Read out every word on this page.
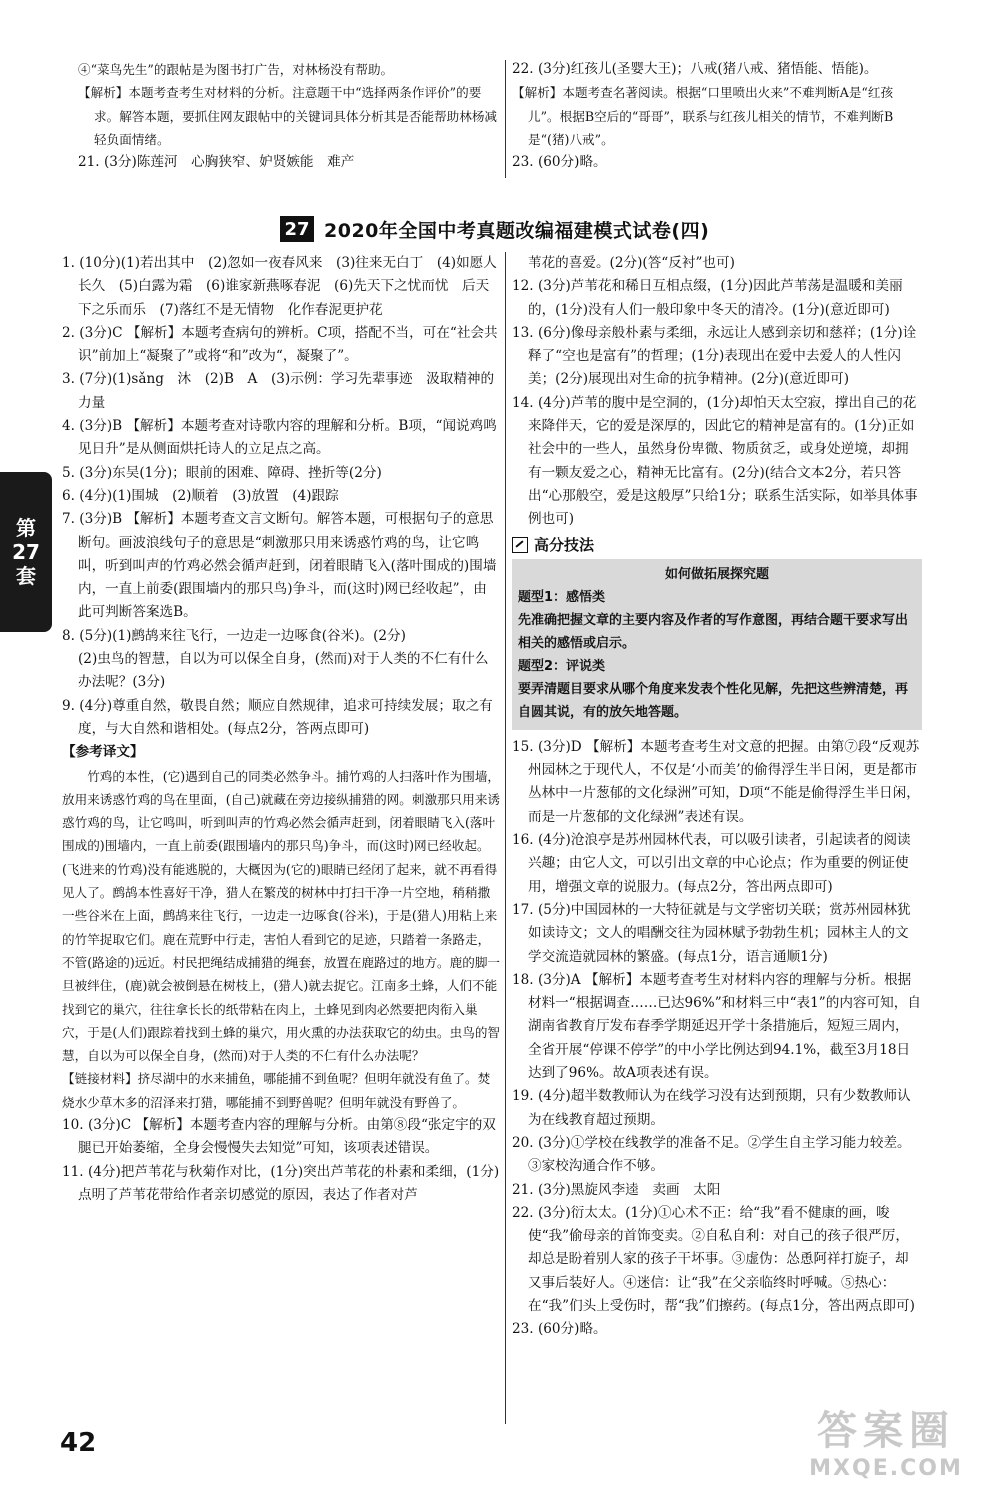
④“菜鸟先生”的跟帖是为图书打广告，对林杨没有帮助。

【解析】本题考查考生对材料的分析。注意题干中“选择两条作评价”的要求。解答本题，要抓住网友跟帖中的关键词具体分析其是否能帮助林杨减轻负面情绪。

21. (3分)陈莲河　心胸狭窄、妒贤嫉能　难产

22. (3分)红孩儿(圣婴大王)；八戒(猪八戒、猪悟能、悟能)。

【解析】本题考查名著阅读。根据“口里喷出火来”不难判断A是“红孩儿”。根据B空后的“哥哥”，联系与红孩儿相关的情节，不难判断B是“(猪)八戒”。

23. (60分)略。

27 2020年全国中考真题改编福建模式试卷(四)
第
27
套

1. (10分)(1)若出其中　(2)忽如一夜春风来　(3)往来无白丁　(4)如愿人长久　(5)白露为霜　(6)谁家新燕啄春泥　(6)先天下之忧而忧　后天下之乐而乐　(7)落红不是无情物　化作春泥更护花

2. (3分)C 【解析】本题考查病句的辨析。C项，搭配不当，可在“社会共识”前加上“凝聚了”或将“和”改为“，凝聚了”。

3. (7分)(1)sǎng　沐　(2)B　A　(3)示例：学习先辈事迹　汲取精神的力量

4. (3分)B 【解析】本题考查对诗歌内容的理解和分析。B项，“闻说鸡鸣见日升”是从侧面烘托诗人的立足点之高。

5. (3分)东吴(1分)；眼前的困难、障碍、挫折等(2分)

6. (4分)(1)围城　(2)顺着　(3)放置　(4)跟踪

7. (3分)B 【解析】本题考查文言文断句。解答本题，可根据句子的意思断句。画波浪线句子的意思是“刺激那只用来诱惑竹鸡的鸟，让它鸣叫，听到叫声的竹鸡必然会循声赶到，闭着眼睛飞入(落叶围成的)围墙内，一直上前委(跟围墙内的那只鸟)争斗，而(这时)网已经收起”，由此可判断答案选B。

8. (5分)(1)鹧鸪来往飞行，一边走一边啄食(谷米)。(2分)

(2)虫鸟的智慧，自以为可以保全自身，(然而)对于人类的不仁有什么办法呢？(3分)

9. (4分)尊重自然，敬畏自然；顺应自然规律，追求可持续发展；取之有度，与大自然和谐相处。(每点2分，答两点即可)

【参考译文】

竹鸡的本性，(它)遇到自己的同类必然争斗。捕竹鸡的人扫落叶作为围墙，放用来诱惑竹鸡的鸟在里面，(自己)就藏在旁边接纵捕猎的网。刺激那只用来诱惑竹鸡的鸟，让它鸣叫，听到叫声的竹鸡必然会循声赶到，闭着眼睛飞入(落叶围成的)围墙内，一直上前委(跟围墙内的那只鸟)争斗，而(这时)网已经收起。(飞进来的竹鸡)没有能逃脱的，大概因为(它的)眼睛已经闭了起来，就不再看得见人了。鹧鸪本性喜好干净，猎人在繁茂的树林中打扫干净一片空地，稍稍撒一些谷米在上面，鹧鸪来往飞行，一边走一边啄食(谷米)，于是(猎人)用粘上来的竹竿捉取它们。鹿在荒野中行走，害怕人看到它的足迹，只踏着一条路走，不管(路途的)远近。村民把绳结成捕猎的绳套，放置在鹿路过的地方。鹿的脚一旦被绊住，(鹿)就会被倒悬在树枝上，(猎人)就去捉它。江南多土蜂，人们不能找到它的巢穴，往往拿长长的纸带粘在肉上，土蜂见到肉必然要把肉衔入巢穴，于是(人们)跟踪着找到土蜂的巢穴，用火熏的办法获取它的幼虫。虫鸟的智慧，自以为可以保全自身，(然而)对于人类的不仁有什么办法呢？

【链接材料】挤尽湖中的水来捕鱼，哪能捕不到鱼呢？但明年就没有鱼了。焚烧水少草木多的沼泽来打猎，哪能捕不到野兽呢？但明年就没有野兽了。

10. (3分)C 【解析】本题考查内容的理解与分析。由第⑧段“张定宇的双腿已开始萎缩，全身会慢慢失去知觉”可知，该项表述错误。

11. (4分)把芦苇花与秋菊作对比，(1分)突出芦苇花的朴素和柔细，(1分)点明了芦苇花带给作者亲切感觉的原因，表达了作者对芦

苇花的喜爱。(2分)(答“反衬”也可)

12. (3分)芦苇花和稀日互相点缀，(1分)因此芦苇荡是温暖和美丽的，(1分)没有人们一般印象中冬天的清冷。(1分)(意近即可)

13. (6分)像母亲般朴素与柔细，永远让人感到亲切和慈祥；(1分)诠释了“空也是富有”的哲理；(1分)表现出在爱中去爱人的人性闪美；(2分)展现出对生命的抗争精神。(2分)(意近即可)

14. (4分)芦苇的腹中是空洞的，(1分)却怕天太空寂，撑出自己的花来降伴天，它的爱是深厚的，因此它的精神是富有的。(1分)正如社会中的一些人，虽然身份卑微、物质贫乏，或身处逆境，却拥有一颗友爱之心，精神无比富有。(2分)(结合文本2分，若只答出“心那般空，爱是这般厚”只给1分；联系生活实际，如举具体事例也可)

高分技法
如何做拓展探究题
题型1：感悟类
先准确把握文章的主要内容及作者的写作意图，再结合题干要求写出相关的感悟或启示。
题型2：评说类
要弄清题目要求从哪个角度来发表个性化见解，先把这些辨清楚，再自圆其说，有的放矢地答题。

15. (3分)D 【解析】本题考查考生对文意的把握。由第⑦段“反观苏州园林之于现代人，不仅是‘小而美’的偷得浮生半日闲，更是都市丛林中一片葱郁的文化绿洲”可知，D项“不能是偷得浮生半日闲，而是一片葱郁的文化绿洲”表述有误。

16. (4分)沧浪亭是苏州园林代表，可以吸引读者，引起读者的阅读兴趣；由它人文，可以引出文章的中心论点；作为重要的例证使用，增强文章的说服力。(每点2分，答出两点即可)

17. (5分)中国园林的一大特征就是与文学密切关联；赏苏州园林犹如读诗文；文人的唱酬交往为园林赋予勃勃生机；园林主人的文学交流造就园林的繁盛。(每点1分，语言通顺1分)

18. (3分)A 【解析】本题考查考生对材料内容的理解与分析。根据材料一“根据调查……已达96%”和材料三中“表1”的内容可知，自湖南省教育厅发布春季学期延迟开学十条措施后，短短三周内，全省开展“停课不停学”的中小学比例达到94.1%，截至3月18日达到了96%。故A项表述有误。

19. (4分)超半数教师认为在线学习没有达到预期，只有少数教师认为在线教育超过预期。

20. (3分)①学校在线教学的准备不足。②学生自主学习能力较差。③家校沟通合作不够。

21. (3分)黑旋风李逵　卖画　太阳

22. (3分)衍太太。(1分)①心术不正：给“我”看不健康的画，唆使“我”偷母亲的首饰变卖。②自私自利：对自己的孩子很严厉，却总是盼着别人家的孩子干坏事。③虚伪：怂恿阿祥打旋子，却又事后装好人。④迷信：让“我”在父亲临终时呼喊。⑤热心：在“我”们头上受伤时，帮“我”们擦药。(每点1分，答出两点即可)

23. (60分)略。

42	答案圈
MXQE.COM
